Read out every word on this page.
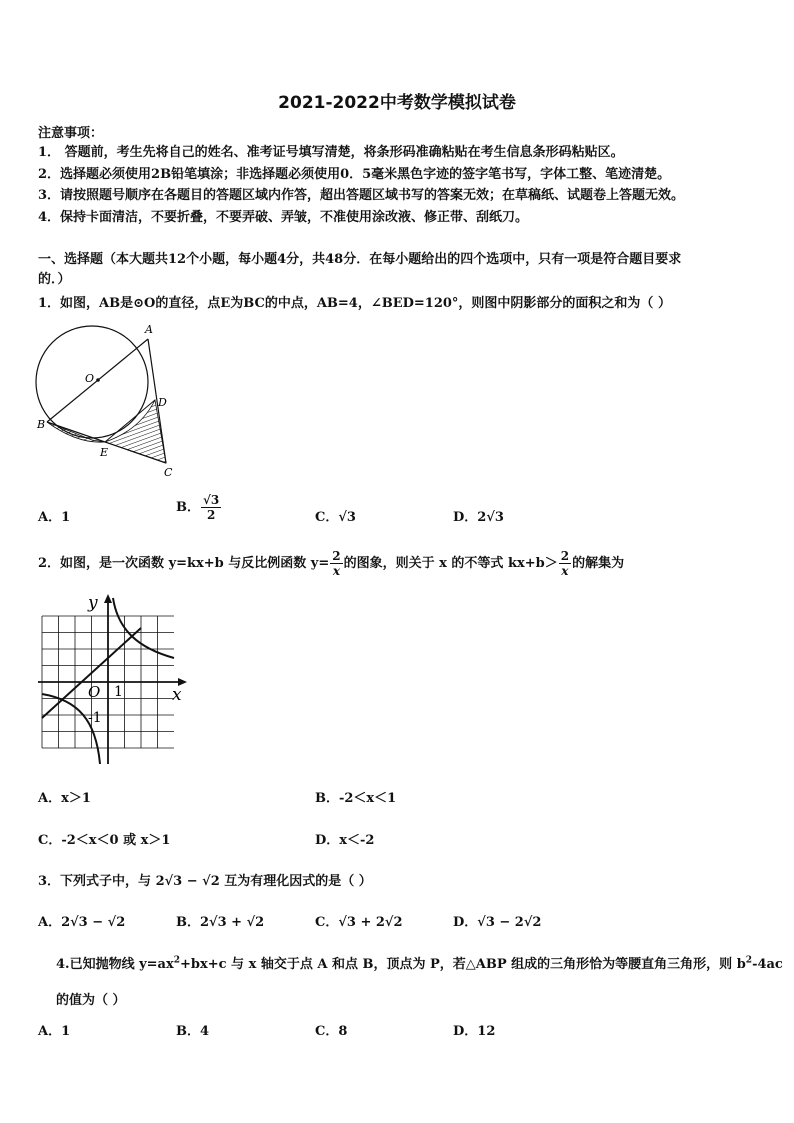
2021-2022中考数学模拟试卷
注意事项：
1． 答题前，考生先将自己的姓名、准考证号填写清楚，将条形码准确粘贴在考生信息条形码粘贴区。
2．选择题必须使用2B铅笔填涂；非选择题必须使用0．5毫米黑色字迹的签字笔书写，字体工整、笔迹清楚。
3．请按照题号顺序在各题目的答题区域内作答，超出答题区域书写的答案无效；在草稿纸、试题卷上答题无效。
4．保持卡面清洁，不要折叠，不要弄破、弄皱，不准使用涂改液、修正带、刮纸刀。
一、选择题（本大题共12个小题，每小题4分，共48分．在每小题给出的四个选项中，只有一项是符合题目要求
的．）
1．如图，AB是⊙O的直径，点E为BC的中点，AB=4，∠BED=120°，则图中阴影部分的面积之和为（ ）
A
O
D
B
E
C
A．1
B． $\frac{√3}{2}$	C．√3	D．2√3
2．如图，是一次函数 y=kx+b 与反比例函数 $y= \frac{2}{x}$ 的图象，则关于 x 的不等式 $kx+b> \frac{2}{x}$ 的解集为
y
x
O 1
-1
A．x＞1	B．-2＜x＜1
C．-2＜x＜0 或 x＞1	D．x＜-2
3．下列式子中，与 2√3 − √2 互为有理化因式的是（ ）
A．2√3 − √2	B．2√3 + √2	C．√3 + 2√2	D．√3 − 2√2
4.已知抛物线 $y=ax^2+bx+c$ 与 x 轴交于点 A 和点 B，顶点为 P，若△ABP 组成的三角形恰为等腰直角三角形，则 $b^2-4ac$
的值为（ ）
A．1	B．4	C．8	D．12
